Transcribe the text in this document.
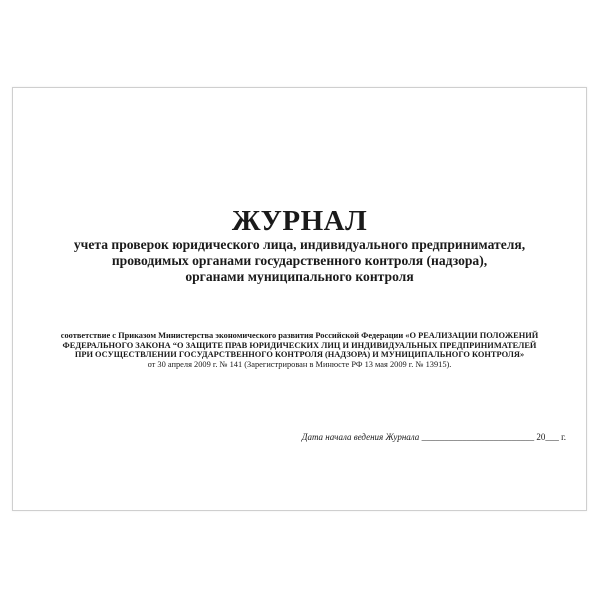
ЖУРНАЛ
учета проверок юридического лица, индивидуального предпринимателя,
проводимых органами государственного контроля (надзора),
органами муниципального контроля
соответствие с Приказом Министерства экономического развития Российской Федерации «О РЕАЛИЗАЦИИ ПОЛОЖЕНИЙ
ФЕДЕРАЛЬНОГО ЗАКОНА “О ЗАЩИТЕ ПРАВ ЮРИДИЧЕСКИХ ЛИЦ И ИНДИВИДУАЛЬНЫХ ПРЕДПРИНИМАТЕЛЕЙ
ПРИ ОСУЩЕСТВЛЕНИИ ГОСУДАРСТВЕННОГО КОНТРОЛЯ (НАДЗОРА) И МУНИЦИПАЛЬНОГО КОНТРОЛЯ»
от 30 апреля 2009 г. № 141 (Зарегистрирован в Минюсте РФ 13 мая 2009 г. № 13915).
Дата начала ведения Журнала _________________________ 20___ г.
